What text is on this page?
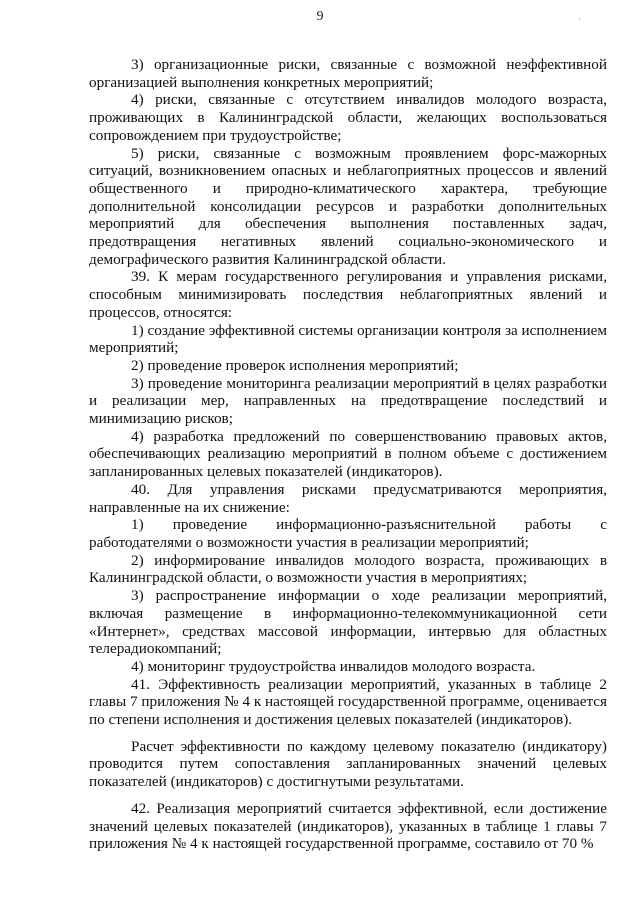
9	·

3) организационные риски, связанные с возможной неэффективной организацией выполнения конкретных мероприятий;

4) риски, связанные с отсутствием инвалидов молодого возраста, проживающих в Калининградской области, желающих воспользоваться сопровождением при трудоустройстве;

5) риски, связанные с возможным проявлением форс-мажорных ситуаций, возникновением опасных и неблагоприятных процессов и явлений общественного и природно-климатического характера, требующие дополнительной консолидации ресурсов и разработки дополнительных мероприятий для обеспечения выполнения поставленных задач, предотвращения негативных явлений социально-экономического и демографического развития Калининградской области.

39. К мерам государственного регулирования и управления рисками, способным минимизировать последствия неблагоприятных явлений и процессов, относятся:

1) создание эффективной системы организации контроля за исполнением мероприятий;

2) проведение проверок исполнения мероприятий;

3) проведение мониторинга реализации мероприятий в целях разработки и реализации мер, направленных на предотвращение последствий и минимизацию рисков;

4) разработка предложений по совершенствованию правовых актов, обеспечивающих реализацию мероприятий в полном объеме с достижением запланированных целевых показателей (индикаторов).

40. Для управления рисками предусматриваются мероприятия, направленные на их снижение:

1) проведение информационно-разъяснительной работы с работодателями о возможности участия в реализации мероприятий;

2) информирование инвалидов молодого возраста, проживающих в Калининградской области, о возможности участия в мероприятиях;

3) распространение информации о ходе реализации мероприятий, включая размещение в информационно-телекоммуникационной сети «Интернет», средствах массовой информации, интервью для областных телерадиокомпаний;

4) мониторинг трудоустройства инвалидов молодого возраста.

41. Эффективность реализации мероприятий, указанных в таблице 2 главы 7 приложения № 4 к настоящей государственной программе, оценивается по степени исполнения и достижения целевых показателей (индикаторов).

Расчет эффективности по каждому целевому показателю (индикатору) проводится путем сопоставления запланированных значений целевых показателей (индикаторов) с достигнутыми результатами.

42. Реализация мероприятий считается эффективной, если достижение значений целевых показателей (индикаторов), указанных в таблице 1 главы 7 приложения № 4 к настоящей государственной программе, составило от 70 %
